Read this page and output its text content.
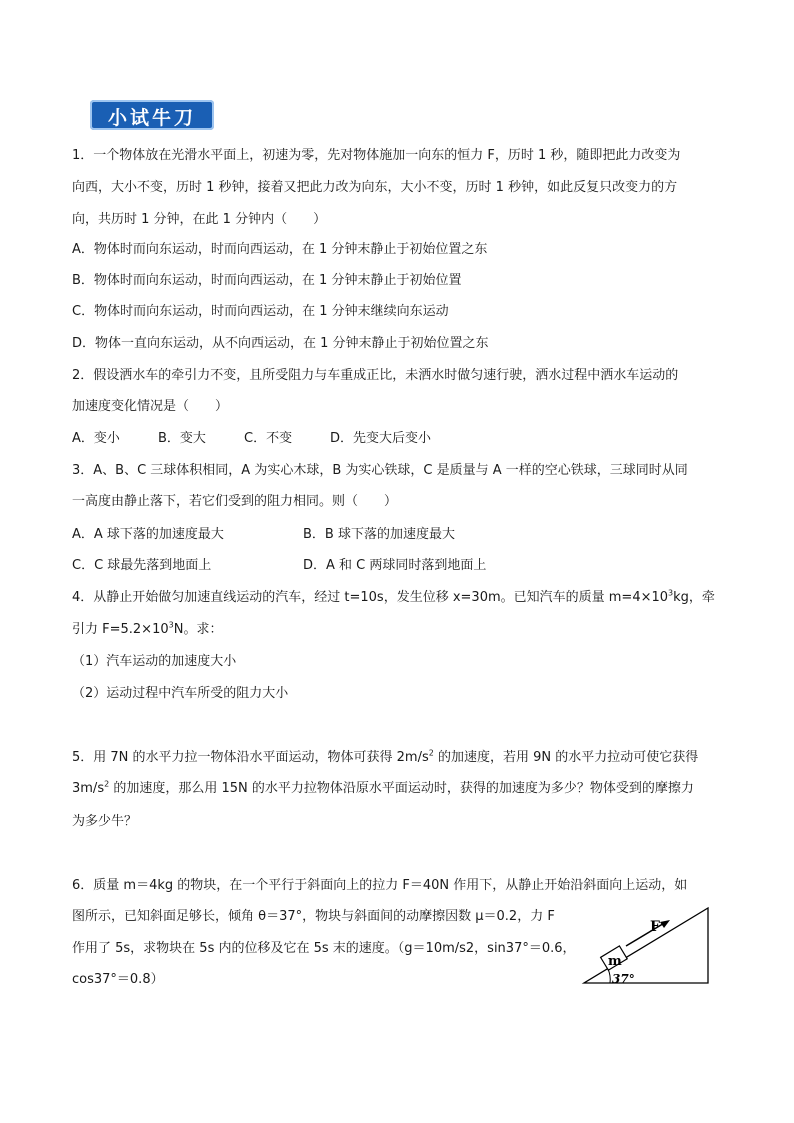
小试牛刀
1．一个物体放在光滑水平面上，初速为零，先对物体施加一向东的恒力 F，历时 1 秒，随即把此力改变为
向西，大小不变，历时 1 秒钟，接着又把此力改为向东，大小不变，历时 1 秒钟，如此反复只改变力的方
向，共历时 1 分钟，在此 1 分钟内（　　）
A．物体时而向东运动，时而向西运动，在 1 分钟末静止于初始位置之东
B．物体时而向东运动，时而向西运动，在 1 分钟末静止于初始位置
C．物体时而向东运动，时而向西运动，在 1 分钟末继续向东运动
D．物体一直向东运动，从不向西运动，在 1 分钟末静止于初始位置之东
2．假设洒水车的牵引力不变，且所受阻力与车重成正比，未洒水时做匀速行驶，洒水过程中洒水车运动的
加速度变化情况是（　　）
A．变小	B．变大	C．不变	D．先变大后变小
3．A、B、C 三球体积相同，A 为实心木球，B 为实心铁球，C 是质量与 A 一样的空心铁球，三球同时从同
一高度由静止落下，若它们受到的阻力相同。则（　　）
A．A 球下落的加速度最大	B．B 球下落的加速度最大
C．C 球最先落到地面上	D．A 和 C 两球同时落到地面上
4．从静止开始做匀加速直线运动的汽车，经过 t=10s，发生位移 x=30m。已知汽车的质量 $m=4\times 10^3kg$，牵
引力 $F=5.2\times 10^3N$。求：
（1）汽车运动的加速度大小
（2）运动过程中汽车所受的阻力大小
5．用 7N 的水平力拉一物体沿水平面运动，物体可获得 $2m/s^2$ 的加速度，若用 9N 的水平力拉动可使它获得
$3m/s^2$ 的加速度，那么用 15N 的水平力拉物体沿原水平面运动时，获得的加速度为多少？物体受到的摩擦力
为多少牛？
6．质量 m＝4kg 的物块，在一个平行于斜面向上的拉力 F＝40N 作用下，从静止开始沿斜面向上运动，如
图所示，已知斜面足够长，倾角 θ＝37°，物块与斜面间的动摩擦因数 μ＝0.2，力 F
作用了 5s，求物块在 5s 内的位移及它在 5s 末的速度。（g＝10m/s2，sin37°＝0.6，
cos37°＝0.8）
m
F
37°
